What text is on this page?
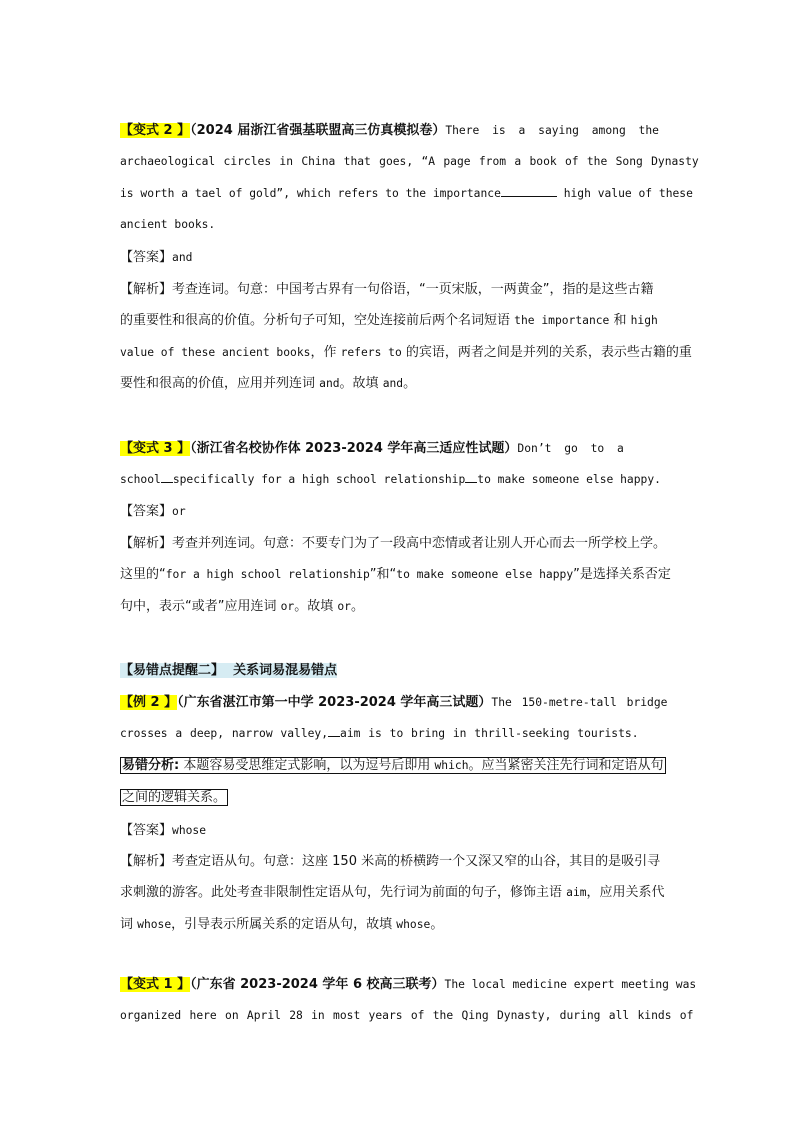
【变式 2 】（2024 届浙江省强基联盟高三仿真模拟卷）There is a saying among the
archaeological circles in China that goes, “A page from a book of the Song Dynasty
is worth a tael of gold”, which refers to the importance	high value of these
ancient books.
【答案】and
【解析】考查连词。句意：中国考古界有一句俗语，“一页宋版，一两黄金”，指的是这些古籍
的重要性和很高的价值。分析句子可知，空处连接前后两个名词短语 the importance 和 high
value of these ancient books，作 refers to 的宾语，两者之间是并列的关系，表示些古籍的重
要性和很高的价值，应用并列连词 and。故填 and。
【变式 3 】（浙江省名校协作体 2023-2024 学年高三适应性试题）Don’t go to a
school specifically for a high school relationship to make someone else happy.
【答案】or
【解析】考查并列连词。句意：不要专门为了一段高中恋情或者让别人开心而去一所学校上学。
这里的“for a high school relationship”和“to make someone else happy”是选择关系否定
句中，表示“或者”应用连词 or。故填 or。
【易错点提醒二】 关系词易混易错点
【例 2 】（广东省湛江市第一中学 2023-2024 学年高三试题）The 150-metre-tall bridge
crosses a deep, narrow valley, aim is to bring in thrill-seeking tourists.
易错分析: 本题容易受思维定式影响，以为逗号后即用 which。应当紧密关注先行词和定语从句
之间的逻辑关系。
【答案】whose
【解析】考查定语从句。句意：这座 150 米高的桥横跨一个又深又窄的山谷，其目的是吸引寻
求刺激的游客。此处考查非限制性定语从句，先行词为前面的句子，修饰主语 aim，应用关系代
词 whose，引导表示所属关系的定语从句，故填 whose。
【变式 1 】（广东省 2023-2024 学年 6 校高三联考）The local medicine expert meeting was
organized here on April 28 in most years of the Qing Dynasty, during all kinds of
